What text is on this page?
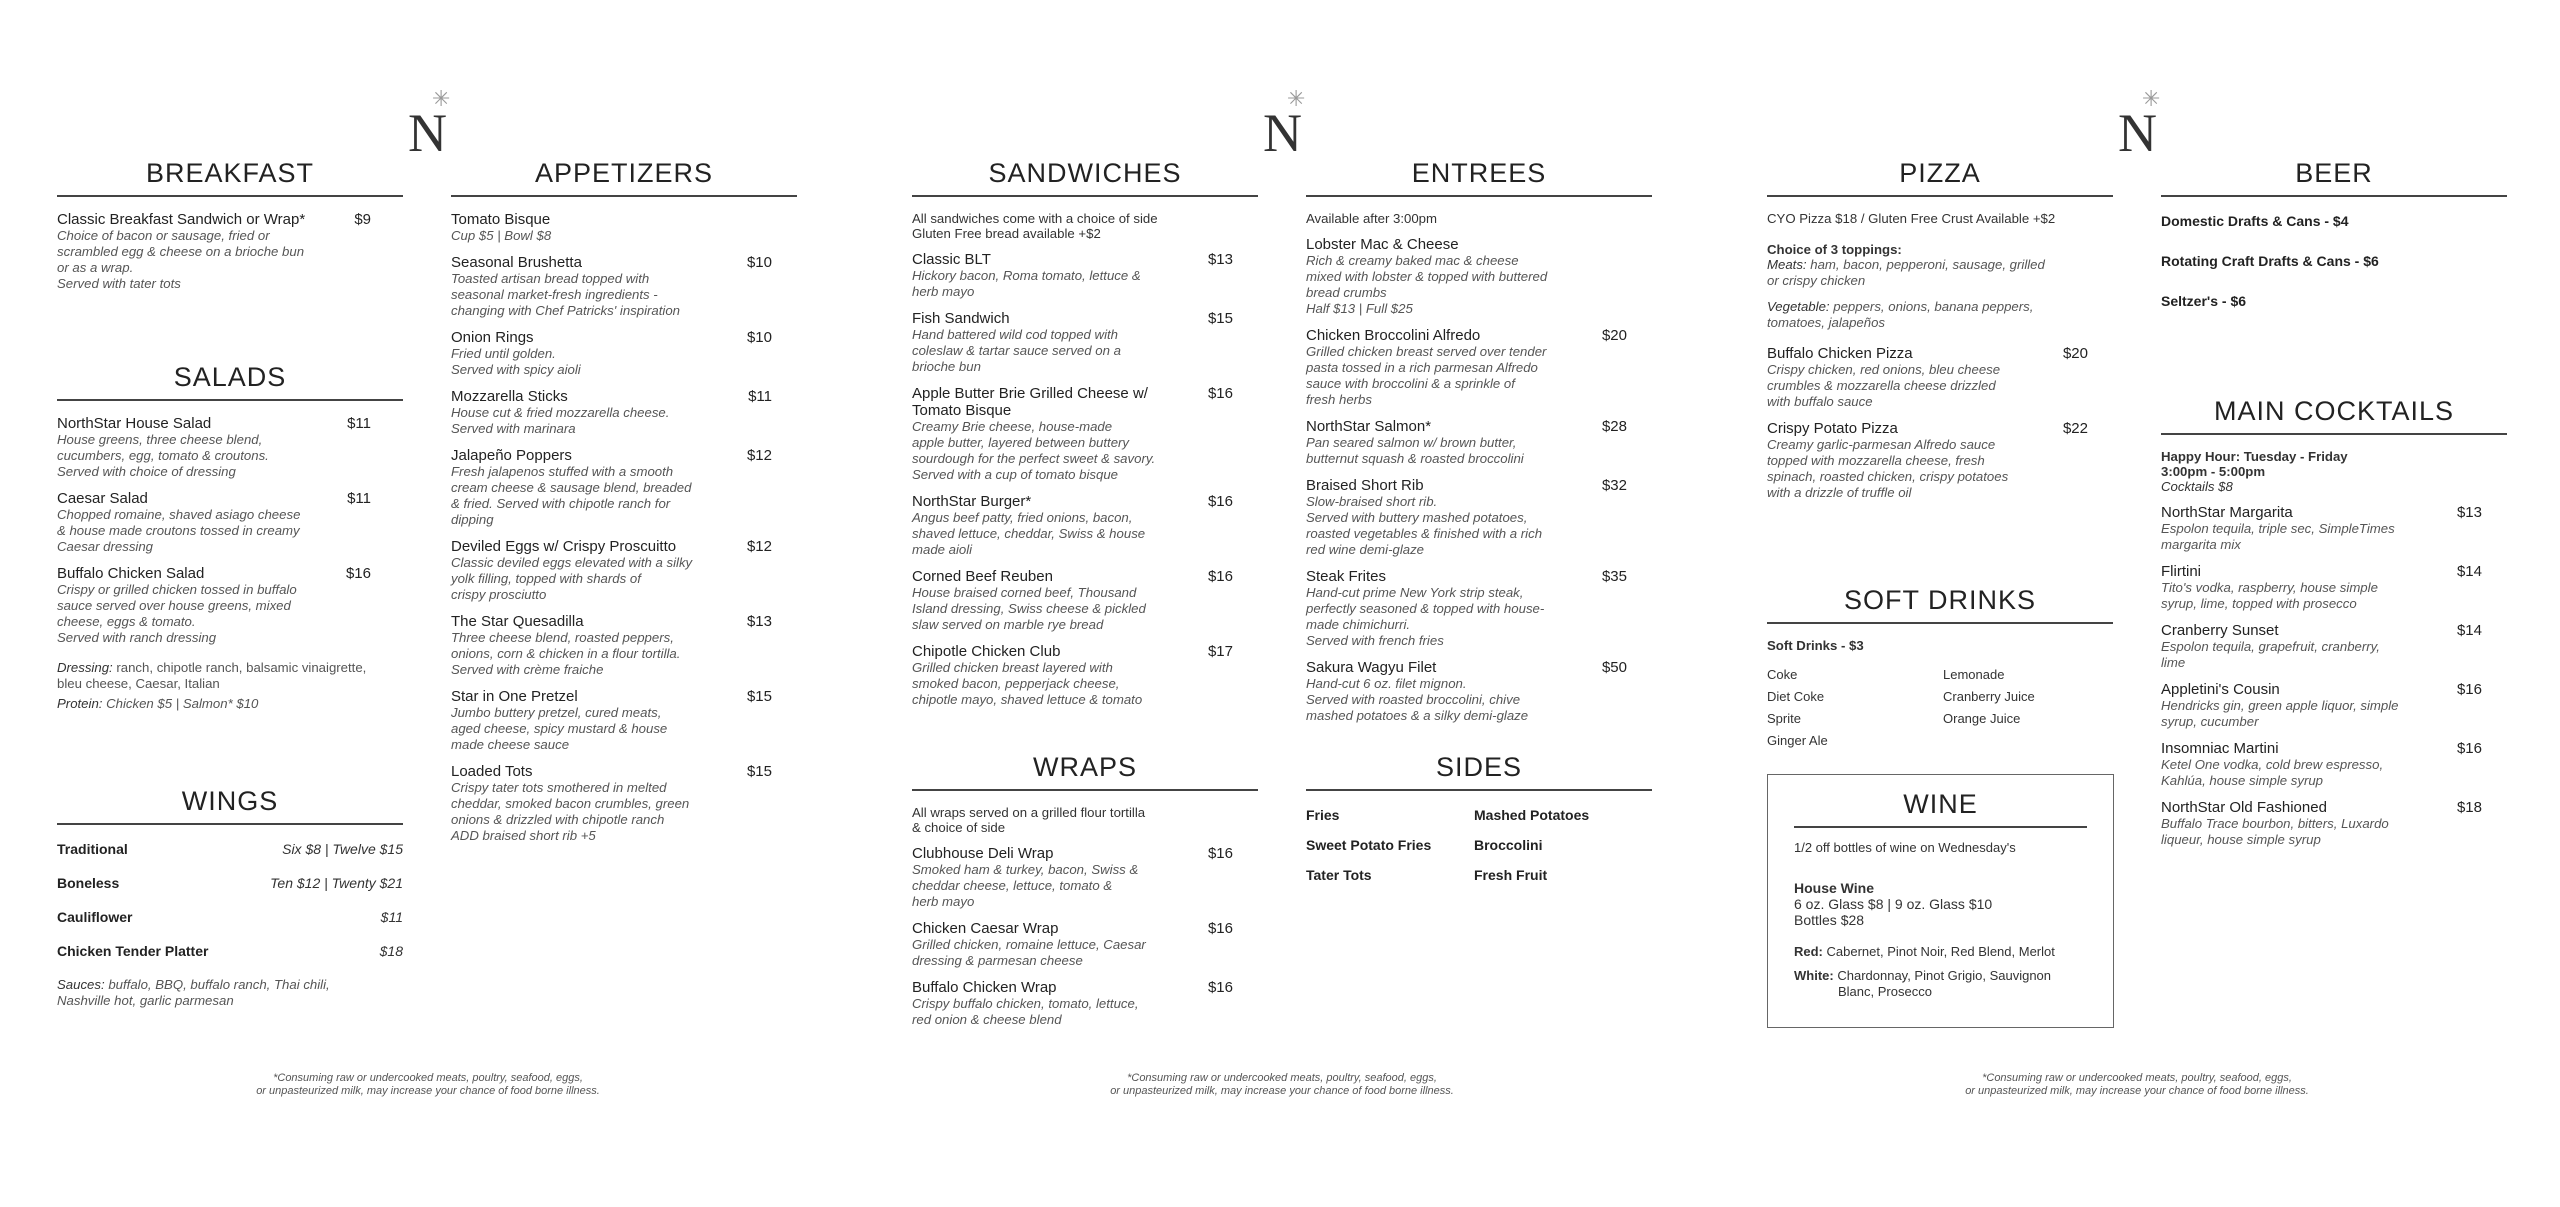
✳
N
✳
N
✳
N
BREAKFAST
Classic Breakfast Sandwich or Wrap*	$9
Choice of bacon or sausage, fried or
scrambled egg & cheese on a brioche bun
or as a wrap.
Served with tater tots
SALADS
NorthStar House Salad	$11
House greens, three cheese blend,
cucumbers, egg, tomato & croutons.
Served with choice of dressing
Caesar Salad	$11
Chopped romaine, shaved asiago cheese
& house made croutons tossed in creamy
Caesar dressing
Buffalo Chicken Salad	$16
Crispy or grilled chicken tossed in buffalo
sauce served over house greens, mixed
cheese, eggs & tomato.
Served with ranch dressing
Dressing: ranch, chipotle ranch, balsamic vinaigrette,
bleu cheese, Caesar, Italian
Protein: Chicken $5 | Salmon* $10
WINGS
Traditional	Six $8 | Twelve $15
Boneless	Ten $12 | Twenty $21
Cauliflower	$11
Chicken Tender Platter	$18
Sauces: buffalo, BBQ, buffalo ranch, Thai chili,
Nashville hot, garlic parmesan
APPETIZERS
Tomato Bisque
Cup $5 | Bowl $8
Seasonal Brushetta	$10
Toasted artisan bread topped with
seasonal market-fresh ingredients -
changing with Chef Patricks' inspiration
Onion Rings	$10
Fried until golden.
Served with spicy aioli
Mozzarella Sticks	$11
House cut & fried mozzarella cheese.
Served with marinara
Jalapeño Poppers	$12
Fresh jalapenos stuffed with a smooth
cream cheese & sausage blend, breaded
& fried. Served with chipotle ranch for
dipping
Deviled Eggs w/ Crispy Proscuitto	$12
Classic deviled eggs elevated with a silky
yolk filling, topped with shards of
crispy prosciutto
The Star Quesadilla	$13
Three cheese blend, roasted peppers,
onions, corn & chicken in a flour tortilla.
Served with crème fraiche
Star in One Pretzel	$15
Jumbo buttery pretzel, cured meats,
aged cheese, spicy mustard & house
made cheese sauce
Loaded Tots	$15
Crispy tater tots smothered in melted
cheddar, smoked bacon crumbles, green
onions & drizzled with chipotle ranch
ADD braised short rib +5
SANDWICHES
All sandwiches come with a choice of side
Gluten Free bread available +$2
Classic BLT	$13
Hickory bacon, Roma tomato, lettuce &
herb mayo
Fish Sandwich	$15
Hand battered wild cod topped with
coleslaw & tartar sauce served on a
brioche bun
Apple Butter Brie Grilled Cheese w/ Tomato Bisque
$16
Creamy Brie cheese, house-made
apple butter, layered between buttery
sourdough for the perfect sweet & savory.
Served with a cup of tomato bisque
NorthStar Burger*	$16
Angus beef patty, fried onions, bacon,
shaved lettuce, cheddar, Swiss & house
made aioli
Corned Beef Reuben	$16
House braised corned beef, Thousand
Island dressing, Swiss cheese & pickled
slaw served on marble rye bread
Chipotle Chicken Club	$17
Grilled chicken breast layered with
smoked bacon, pepperjack cheese,
chipotle mayo, shaved lettuce & tomato
WRAPS
All wraps served on a grilled flour tortilla
& choice of side
Clubhouse Deli Wrap	$16
Smoked ham & turkey, bacon, Swiss &
cheddar cheese, lettuce, tomato &
herb mayo
Chicken Caesar Wrap	$16
Grilled chicken, romaine lettuce, Caesar
dressing & parmesan cheese
Buffalo Chicken Wrap	$16
Crispy buffalo chicken, tomato, lettuce,
red onion & cheese blend
ENTREES
Available after 3:00pm
Lobster Mac & Cheese
Rich & creamy baked mac & cheese
mixed with lobster & topped with buttered
bread crumbs
Half $13 | Full $25
Chicken Broccolini Alfredo	$20
Grilled chicken breast served over tender
pasta tossed in a rich parmesan Alfredo
sauce with broccolini & a sprinkle of
fresh herbs
NorthStar Salmon*	$28
Pan seared salmon w/ brown butter,
butternut squash & roasted broccolini
Braised Short Rib	$32
Slow-braised short rib.
Served with buttery mashed potatoes,
roasted vegetables & finished with a rich
red wine demi-glaze
Steak Frites	$35
Hand-cut prime New York strip steak,
perfectly seasoned & topped with house-
made chimichurri.
Served with french fries
Sakura Wagyu Filet	$50
Hand-cut 6 oz. filet mignon.
Served with roasted broccolini, chive
mashed potatoes & a silky demi-glaze
SIDES
Fries	Mashed Potatoes
Sweet Potato Fries	Broccolini
Tater Tots	Fresh Fruit
PIZZA
CYO Pizza $18 / Gluten Free Crust Available +$2
Choice of 3 toppings:
Meats: ham, bacon, pepperoni, sausage, grilled
or crispy chicken
Vegetable: peppers, onions, banana peppers,
tomatoes, jalapeños
Buffalo Chicken Pizza	$20
Crispy chicken, red onions, bleu cheese
crumbles & mozzarella cheese drizzled
with buffalo sauce
Crispy Potato Pizza	$22
Creamy garlic-parmesan Alfredo sauce
topped with mozzarella cheese, fresh
spinach, roasted chicken, crispy potatoes
with a drizzle of truffle oil
SOFT DRINKS
Soft Drinks - $3
Coke	Lemonade
Diet Coke	Cranberry Juice
Sprite	Orange Juice
Ginger Ale
WINE
1/2 off bottles of wine on Wednesday's
House Wine
6 oz. Glass $8 | 9 oz. Glass $10
Bottles $28
Red: Cabernet, Pinot Noir, Red Blend, Merlot
White: Chardonnay, Pinot Grigio, Sauvignon
Blanc, Prosecco
BEER
Domestic Drafts & Cans - $4
Rotating Craft Drafts & Cans - $6
Seltzer's - $6
MAIN COCKTAILS
Happy Hour: Tuesday - Friday
3:00pm - 5:00pm
Cocktails $8
NorthStar Margarita	$13
Espolon tequila, triple sec, SimpleTimes
margarita mix
Flirtini	$14
Tito's vodka, raspberry, house simple
syrup, lime, topped with prosecco
Cranberry Sunset	$14
Espolon tequila, grapefruit, cranberry,
lime
Appletini's Cousin	$16
Hendricks gin, green apple liquor, simple
syrup, cucumber
Insomniac Martini	$16
Ketel One vodka, cold brew espresso,
Kahlúa, house simple syrup
NorthStar Old Fashioned	$18
Buffalo Trace bourbon, bitters, Luxardo
liqueur, house simple syrup
*Consuming raw or undercooked meats, poultry, seafood, eggs,
or unpasteurized milk, may increase your chance of food borne illness.
*Consuming raw or undercooked meats, poultry, seafood, eggs,
or unpasteurized milk, may increase your chance of food borne illness.
*Consuming raw or undercooked meats, poultry, seafood, eggs,
or unpasteurized milk, may increase your chance of food borne illness.
